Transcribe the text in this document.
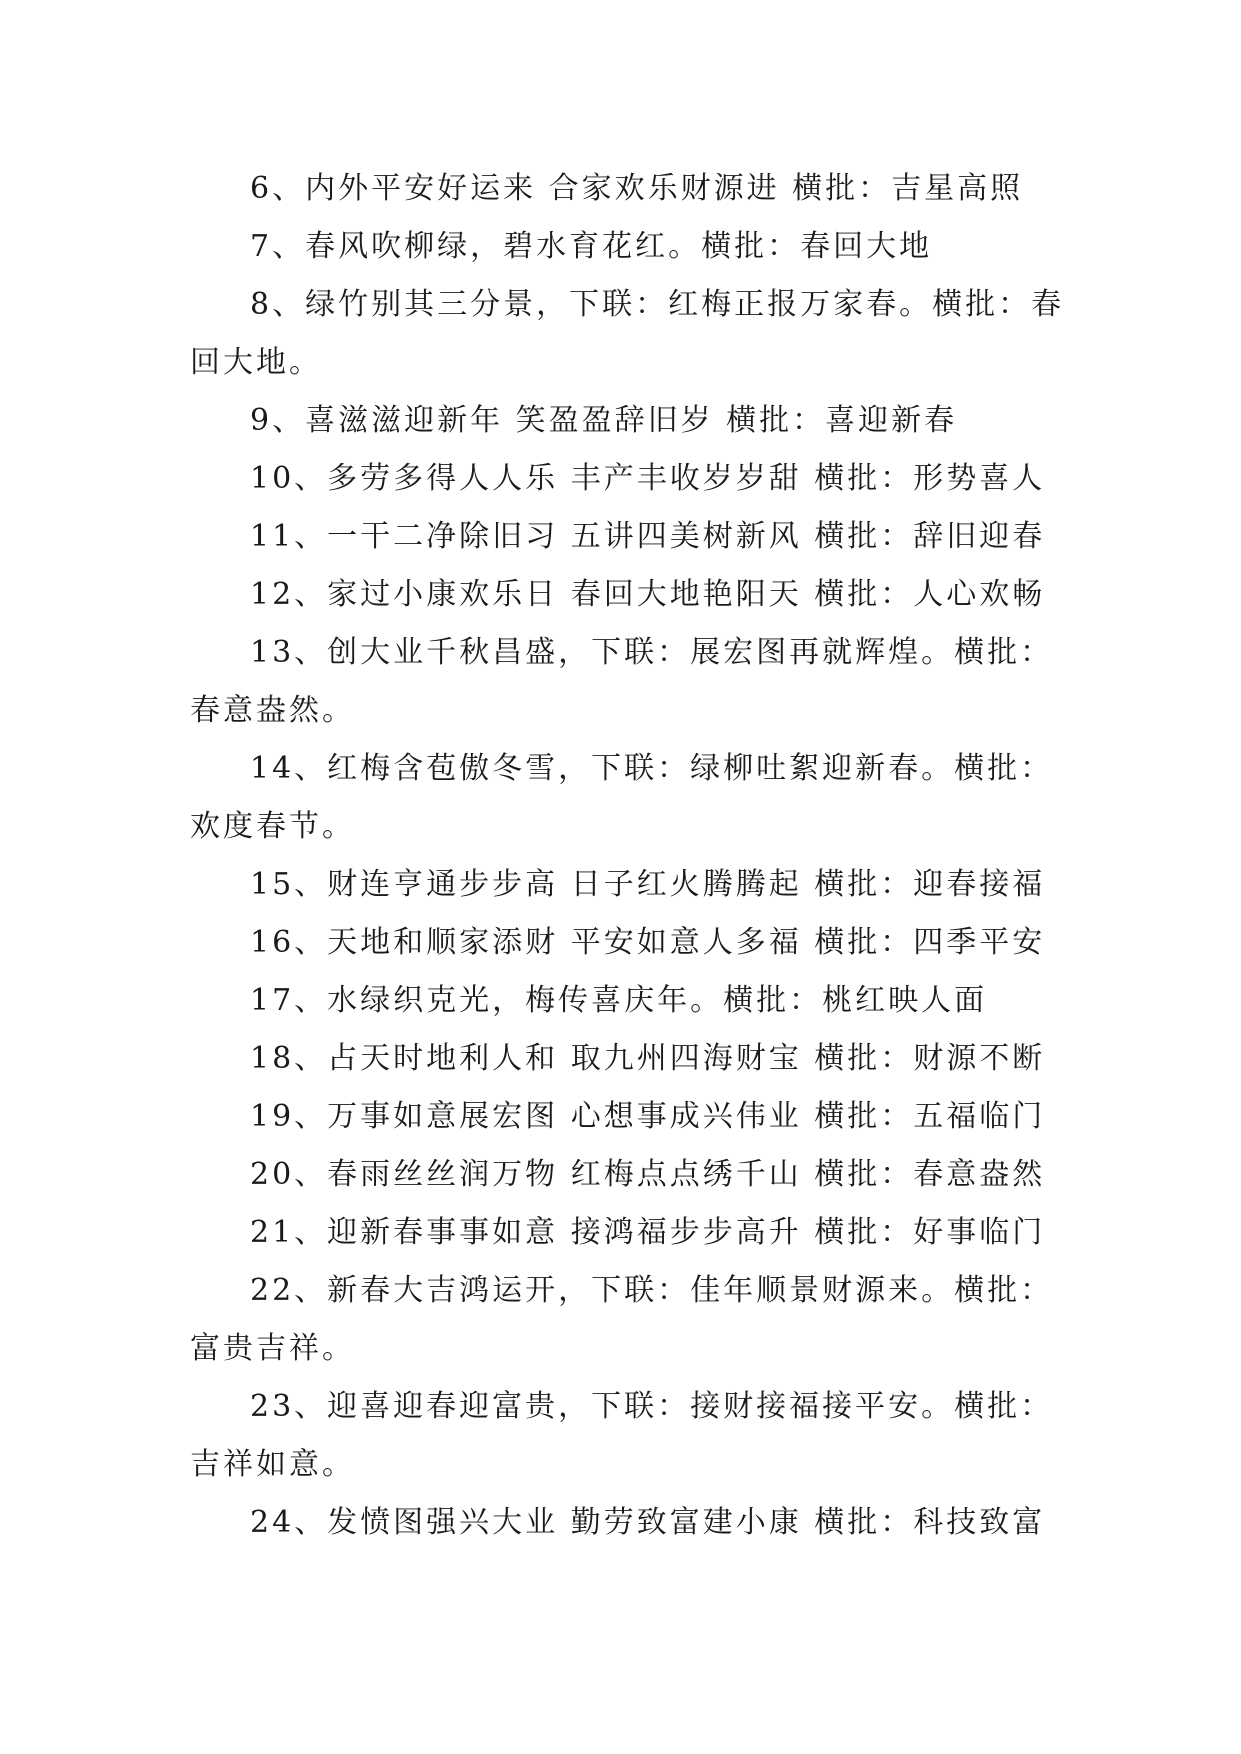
6、内外平安好运来 合家欢乐财源进 横批：吉星高照

7、春风吹柳绿，碧水育花红。横批：春回大地

8、绿竹别其三分景，下联：红梅正报万家春。横批：春回大地。

9、喜滋滋迎新年 笑盈盈辞旧岁 横批：喜迎新春

10、多劳多得人人乐 丰产丰收岁岁甜 横批：形势喜人

11、一干二净除旧习 五讲四美树新风 横批：辞旧迎春

12、家过小康欢乐日 春回大地艳阳天 横批：人心欢畅

13、创大业千秋昌盛，下联：展宏图再就辉煌。横批：春意盎然。

14、红梅含苞傲冬雪，下联：绿柳吐絮迎新春。横批：欢度春节。

15、财连亨通步步高 日子红火腾腾起 横批：迎春接福

16、天地和顺家添财 平安如意人多福 横批：四季平安

17、水绿织克光，梅传喜庆年。横批：桃红映人面

18、占天时地利人和 取九州四海财宝 横批：财源不断

19、万事如意展宏图 心想事成兴伟业 横批：五福临门

20、春雨丝丝润万物 红梅点点绣千山 横批：春意盎然

21、迎新春事事如意 接鸿福步步高升 横批：好事临门

22、新春大吉鸿运开，下联：佳年顺景财源来。横批：富贵吉祥。

23、迎喜迎春迎富贵，下联：接财接福接平安。横批：吉祥如意。

24、发愤图强兴大业 勤劳致富建小康 横批：科技致富
